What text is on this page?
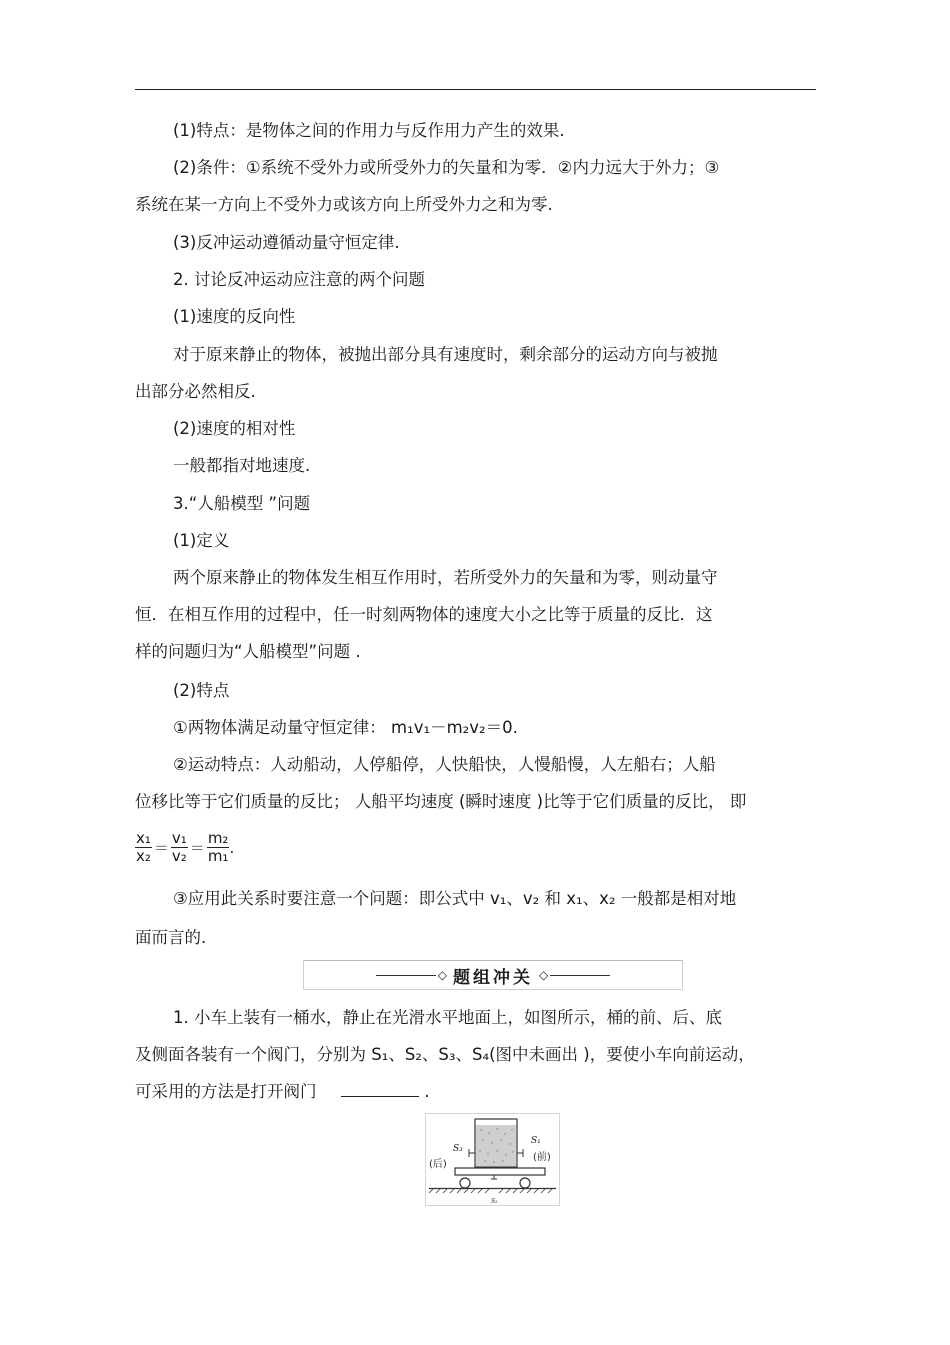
(1)特点：是物体之间的作用力与反作用力产生的效果.
(2)条件：①系统不受外力或所受外力的矢量和为零．②内力远大于外力；③
系统在某一方向上不受外力或该方向上所受外力之和为零.
(3)反冲运动遵循动量守恒定律.
2. 讨论反冲运动应注意的两个问题
(1)速度的反向性
对于原来静止的物体，被抛出部分具有速度时，剩余部分的运动方向与被抛
出部分必然相反.
(2)速度的相对性
一般都指对地速度.
3.“人船模型 ”问题
(1)定义
两个原来静止的物体发生相互作用时，若所受外力的矢量和为零，则动量守
恒．在相互作用的过程中，任一时刻两物体的速度大小之比等于质量的反比．这
样的问题归为“人船模型”问题 .
(2)特点
①两物体满足动量守恒定律： m₁v₁－m₂v₂＝0.
②运动特点：人动船动，人停船停，人快船快，人慢船慢，人左船右；人船
位移比等于它们质量的反比； 人船平均速度 (瞬时速度 )比等于它们质量的反比， 即
$\frac{\text{x₁}}{\text{x₂}} = \frac{\text{v₁}}{\text{v₂}} = \frac{\text{m₂}}{\text{m₁}}$ .
③应用此关系时要注意一个问题：即公式中 v₁、v₂ 和 x₁、x₂ 一般都是相对地
面而言的.
◇ 题组冲关 ◇
1. 小车上装有一桶水，静止在光滑水平地面上，如图所示，桶的前、后、底
及侧面各装有一个阀门，分别为 S₁、S₂、S₃、S₄(图中未画出 )，要使小车向前运动，
可采用的方法是打开阀门	.
S₃
S₁
(后)
(前)
S₂
